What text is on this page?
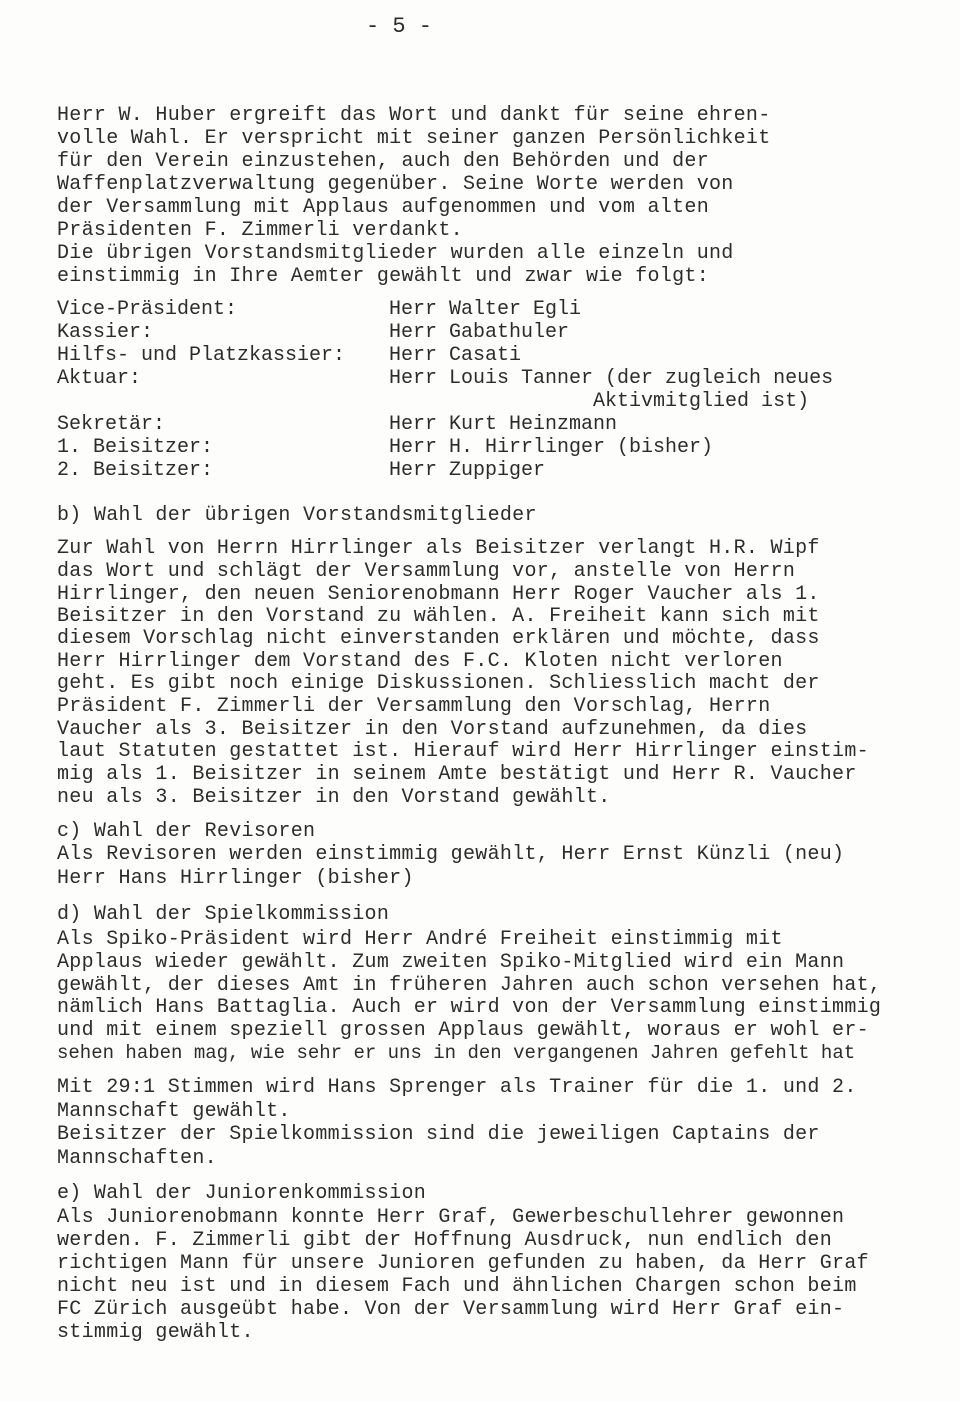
- 5 -
Herr W. Huber ergreift das Wort und dankt für seine ehren-
volle Wahl. Er verspricht mit seiner ganzen Persönlichkeit
für den Verein einzustehen, auch den Behörden und der
Waffenplatzverwaltung gegenüber. Seine Worte werden von
der Versammlung mit Applaus aufgenommen und vom alten
Präsidenten F. Zimmerli verdankt.
Die übrigen Vorstandsmitglieder wurden alle einzeln und
einstimmig in Ihre Aemter gewählt und zwar wie folgt:
Vice-Präsident:	Herr Walter Egli
Kassier:	Herr Gabathuler
Hilfs- und Platzkassier: Herr Casati
Aktuar:	Herr Louis Tanner (der zugleich neues
Aktivmitglied ist)
Sekretär:	Herr Kurt Heinzmann
1. Beisitzer:	Herr H. Hirrlinger (bisher)
2. Beisitzer:	Herr Zuppiger
b) Wahl der übrigen Vorstandsmitglieder
Zur Wahl von Herrn Hirrlinger als Beisitzer verlangt H.R. Wipf
das Wort und schlägt der Versammlung vor, anstelle von Herrn
Hirrlinger, den neuen Seniorenobmann Herr Roger Vaucher als 1.
Beisitzer in den Vorstand zu wählen. A. Freiheit kann sich mit
diesem Vorschlag nicht einverstanden erklären und möchte, dass
Herr Hirrlinger dem Vorstand des F.C. Kloten nicht verloren
geht. Es gibt noch einige Diskussionen. Schliesslich macht der
Präsident F. Zimmerli der Versammlung den Vorschlag, Herrn
Vaucher als 3. Beisitzer in den Vorstand aufzunehmen, da dies
laut Statuten gestattet ist. Hierauf wird Herr Hirrlinger einstim-
mig als 1. Beisitzer in seinem Amte bestätigt und Herr R. Vaucher
neu als 3. Beisitzer in den Vorstand gewählt.
c) Wahl der Revisoren
Als Revisoren werden einstimmig gewählt, Herr Ernst Künzli (neu)
Herr Hans Hirrlinger (bisher)
d) Wahl der Spielkommission
Als Spiko-Präsident wird Herr André Freiheit einstimmig mit
Applaus wieder gewählt. Zum zweiten Spiko-Mitglied wird ein Mann
gewählt, der dieses Amt in früheren Jahren auch schon versehen hat,
nämlich Hans Battaglia. Auch er wird von der Versammlung einstimmig
und mit einem speziell grossen Applaus gewählt, woraus er wohl er-
sehen haben mag, wie sehr er uns in den vergangenen Jahren gefehlt hat
Mit 29:1 Stimmen wird Hans Sprenger als Trainer für die 1. und 2.
Mannschaft gewählt.
Beisitzer der Spielkommission sind die jeweiligen Captains der
Mannschaften.
e) Wahl der Juniorenkommission
Als Juniorenobmann konnte Herr Graf, Gewerbeschullehrer gewonnen
werden. F. Zimmerli gibt der Hoffnung Ausdruck, nun endlich den
richtigen Mann für unsere Junioren gefunden zu haben, da Herr Graf
nicht neu ist und in diesem Fach und ähnlichen Chargen schon beim
FC Zürich ausgeübt habe. Von der Versammlung wird Herr Graf ein-
stimmig gewählt.
